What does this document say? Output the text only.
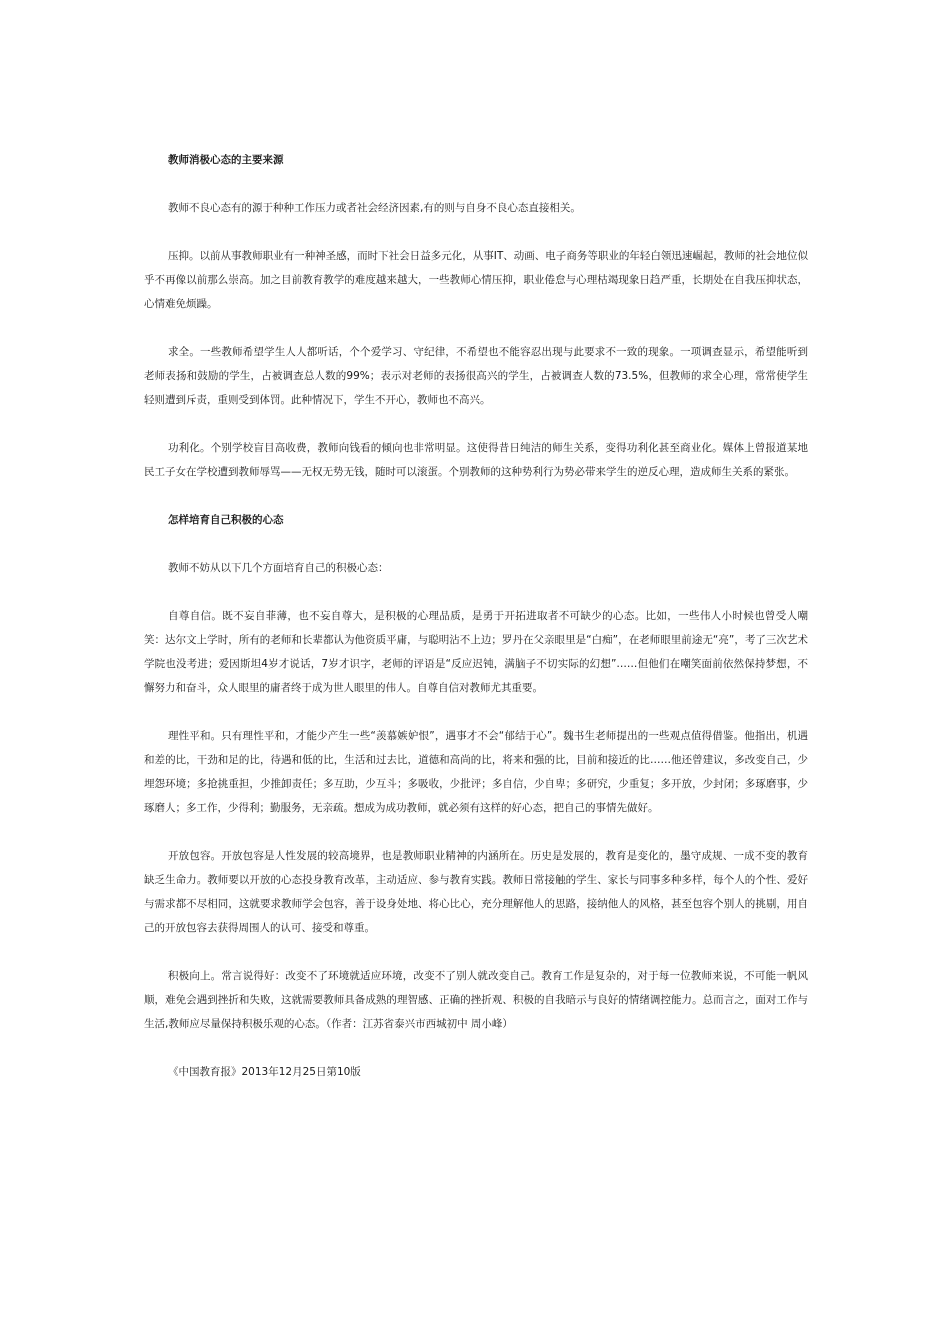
教师消极心态的主要来源

教师不良心态有的源于种种工作压力或者社会经济因素,有的则与自身不良心态直接相关。

压抑。以前从事教师职业有一种神圣感，而时下社会日益多元化，从事IT、动画、电子商务等职业的年轻白领迅速崛起，教师的社会地位似乎不再像以前那么崇高。加之目前教育教学的难度越来越大，一些教师心情压抑，职业倦怠与心理枯竭现象日趋严重，长期处在自我压抑状态，心情难免烦躁。

求全。一些教师希望学生人人都听话，个个爱学习、守纪律，不希望也不能容忍出现与此要求不一致的现象。一项调查显示，希望能听到老师表扬和鼓励的学生，占被调查总人数的99%；表示对老师的表扬很高兴的学生，占被调查人数的73.5%，但教师的求全心理，常常使学生轻则遭到斥责，重则受到体罚。此种情况下，学生不开心，教师也不高兴。

功利化。个别学校盲目高收费，教师向钱看的倾向也非常明显。这使得昔日纯洁的师生关系，变得功利化甚至商业化。媒体上曾报道某地民工子女在学校遭到教师辱骂——无权无势无钱，随时可以滚蛋。个别教师的这种势利行为势必带来学生的逆反心理，造成师生关系的紧张。

怎样培育自己积极的心态

教师不妨从以下几个方面培育自己的积极心态：

自尊自信。既不妄自菲薄，也不妄自尊大，是积极的心理品质，是勇于开拓进取者不可缺少的心态。比如，一些伟人小时候也曾受人嘲笑：达尔文上学时，所有的老师和长辈都认为他资质平庸，与聪明沾不上边；罗丹在父亲眼里是“白痴”，在老师眼里前途无“亮”，考了三次艺术学院也没考进；爱因斯坦4岁才说话，7岁才识字，老师的评语是“反应迟钝，满脑子不切实际的幻想”……但他们在嘲笑面前依然保持梦想，不懈努力和奋斗，众人眼里的庸者终于成为世人眼里的伟人。自尊自信对教师尤其重要。

理性平和。只有理性平和，才能少产生一些“羡慕嫉妒恨”，遇事才不会“郁结于心”。魏书生老师提出的一些观点值得借鉴。他指出，机遇和差的比，干劲和足的比，待遇和低的比，生活和过去比，道德和高尚的比，将来和强的比，目前和接近的比……他还曾建议，多改变自己，少埋怨环境；多抢挑重担，少推卸责任；多互助，少互斗；多吸收，少批评；多自信，少自卑；多研究，少重复；多开放，少封闭；多琢磨事，少琢磨人；多工作，少得利；勤服务，无亲疏。想成为成功教师，就必须有这样的好心态，把自己的事情先做好。

开放包容。开放包容是人性发展的较高境界，也是教师职业精神的内涵所在。历史是发展的，教育是变化的，墨守成规、一成不变的教育缺乏生命力。教师要以开放的心态投身教育改革，主动适应、参与教育实践。教师日常接触的学生、家长与同事多种多样，每个人的个性、爱好与需求都不尽相同，这就要求教师学会包容，善于设身处地、将心比心，充分理解他人的思路，接纳他人的风格，甚至包容个别人的挑剔，用自己的开放包容去获得周围人的认可、接受和尊重。

积极向上。常言说得好：改变不了环境就适应环境，改变不了别人就改变自己。教育工作是复杂的，对于每一位教师来说，不可能一帆风顺，难免会遇到挫折和失败，这就需要教师具备成熟的理智感、正确的挫折观、积极的自我暗示与良好的情绪调控能力。总而言之，面对工作与生活,教师应尽量保持积极乐观的心态。（作者：江苏省泰兴市西城初中 周小峰）

《中国教育报》2013年12月25日第10版
